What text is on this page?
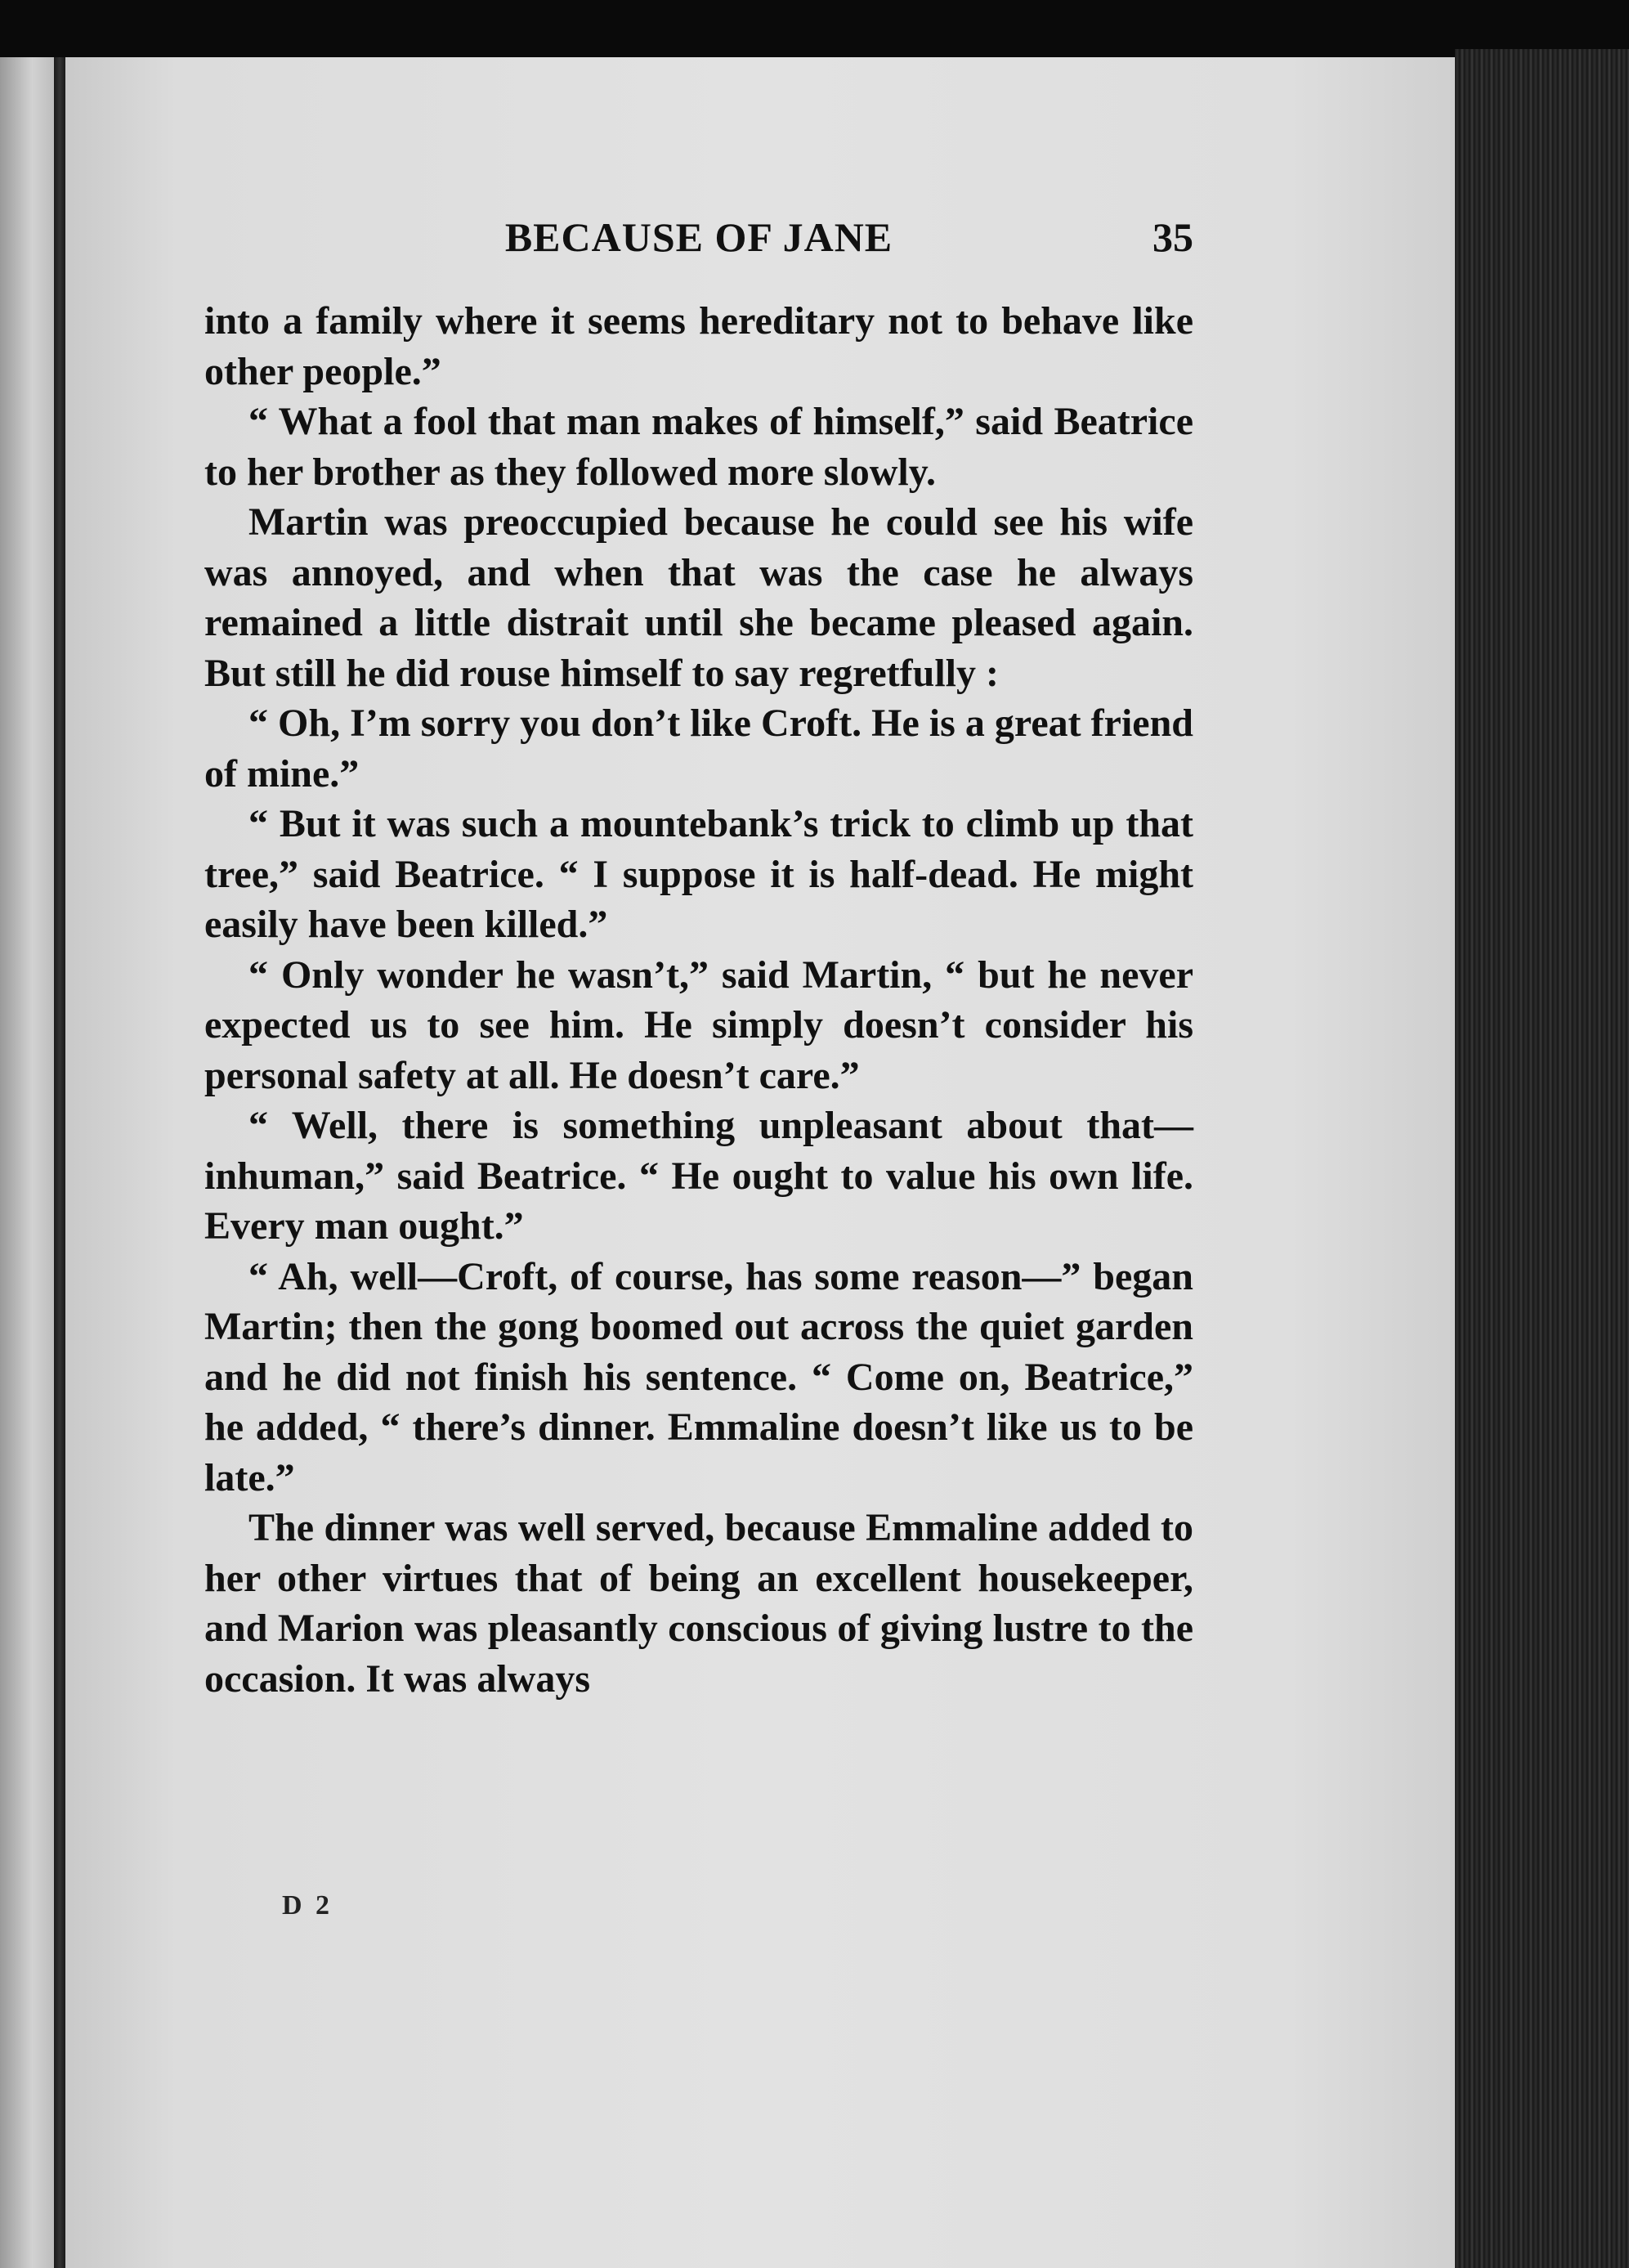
BECAUSE OF JANE	35

into a family where it seems hereditary not to behave like other people.”

“ What a fool that man makes of himself,” said Beatrice to her brother as they followed more slowly.

Martin was preoccupied because he could see his wife was annoyed, and when that was the case he always remained a little distrait until she became pleased again. But still he did rouse himself to say regretfully :

“ Oh, I’m sorry you don’t like Croft. He is a great friend of mine.”

“ But it was such a mountebank’s trick to climb up that tree,” said Beatrice. “ I suppose it is half-dead. He might easily have been killed.”

“ Only wonder he wasn’t,” said Martin, “ but he never expected us to see him. He simply doesn’t consider his personal safety at all. He doesn’t care.”

“ Well, there is something unpleasant about that—inhuman,” said Beatrice. “ He ought to value his own life. Every man ought.”

“ Ah, well—Croft, of course, has some reason—” began Martin; then the gong boomed out across the quiet garden and he did not finish his sentence. “ Come on, Beatrice,” he added, “ there’s dinner. Emmaline doesn’t like us to be late.”

The dinner was well served, because Emmaline added to her other virtues that of being an excellent housekeeper, and Marion was pleasantly conscious of giving lustre to the occasion. It was always

D 2
